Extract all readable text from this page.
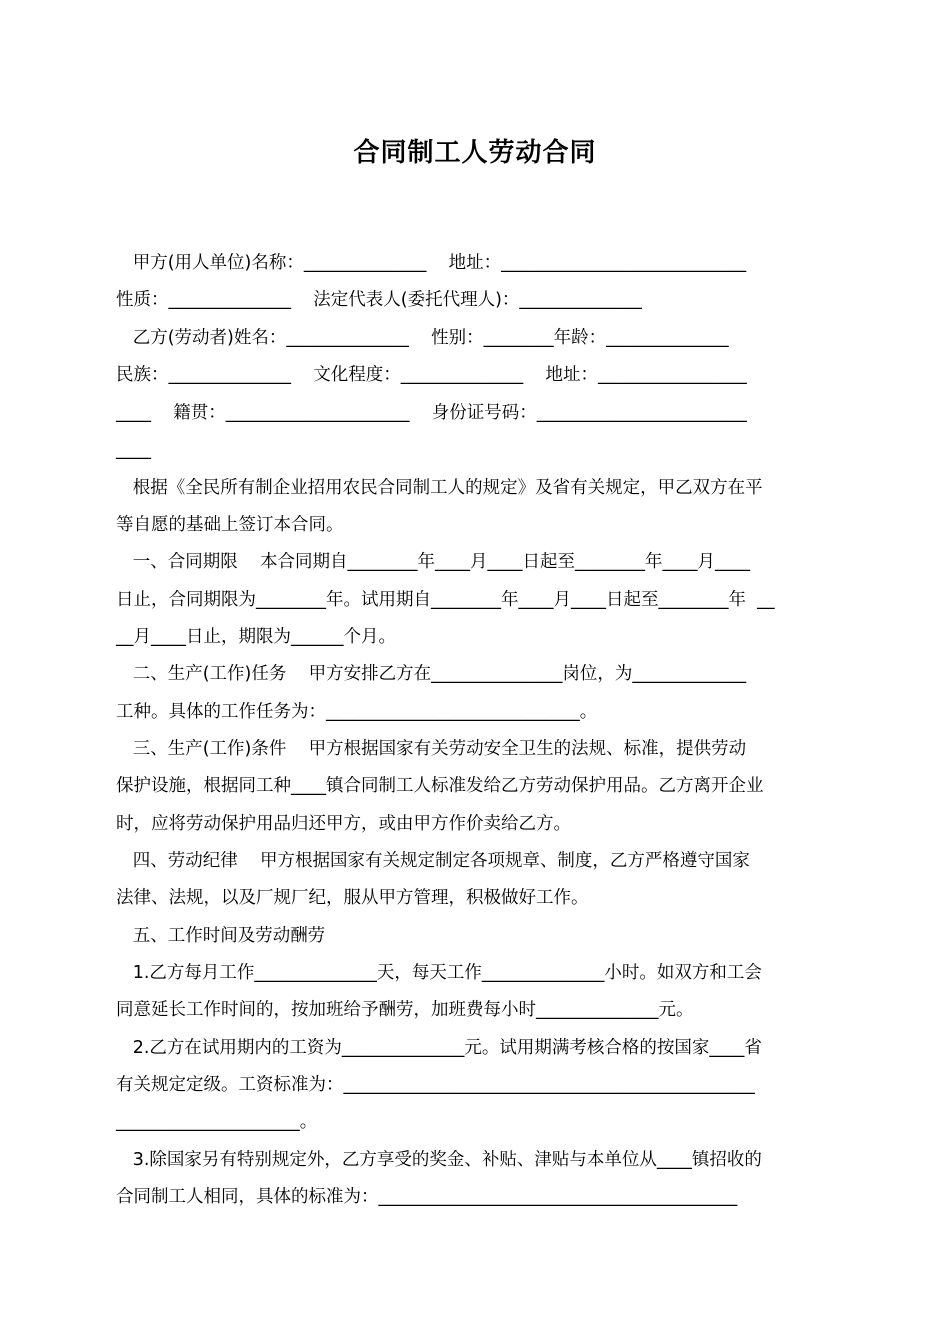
合同制工人劳动合同
甲方(用人单位)名称：______________    地址：____________________________
性质：______________    法定代表人(委托代理人)：______________
乙方(劳动者)姓名：______________    性别：________年龄：______________
民族：______________    文化程度：______________    地址：_________________
____    籍贯：_____________________    身份证号码：________________________
____
根据《全民所有制企业招用农民合同制工人的规定》及省有关规定，甲乙双方在平
等自愿的基础上签订本合同。
一、合同期限    本合同期自________年____月____日起至________年____月____
日止，合同期限为________年。试用期自________年____月____日起至________年  __
__月____日止，期限为______个月。
二、生产(工作)任务    甲方安排乙方在_______________岗位，为_____________
工种。具体的工作任务为：_____________________________。
三、生产(工作)条件    甲方根据国家有关劳动安全卫生的法规、标准，提供劳动
保护设施，根据同工种____镇合同制工人标准发给乙方劳动保护用品。乙方离开企业
时，应将劳动保护用品归还甲方，或由甲方作价卖给乙方。
四、劳动纪律    甲方根据国家有关规定制定各项规章、制度，乙方严格遵守国家
法律、法规，以及厂规厂纪，服从甲方管理，积极做好工作。
五、工作时间及劳动酬劳
1.乙方每月工作______________天，每天工作______________小时。如双方和工会
同意延长工作时间的，按加班给予酬劳，加班费每小时______________元。
2.乙方在试用期内的工资为______________元。试用期满考核合格的按国家____省
有关规定定级。工资标准为：_______________________________________________
_____________________。
3.除国家另有特别规定外，乙方享受的奖金、补贴、津贴与本单位从____镇招收的
合同制工人相同，具体的标准为：_________________________________________
